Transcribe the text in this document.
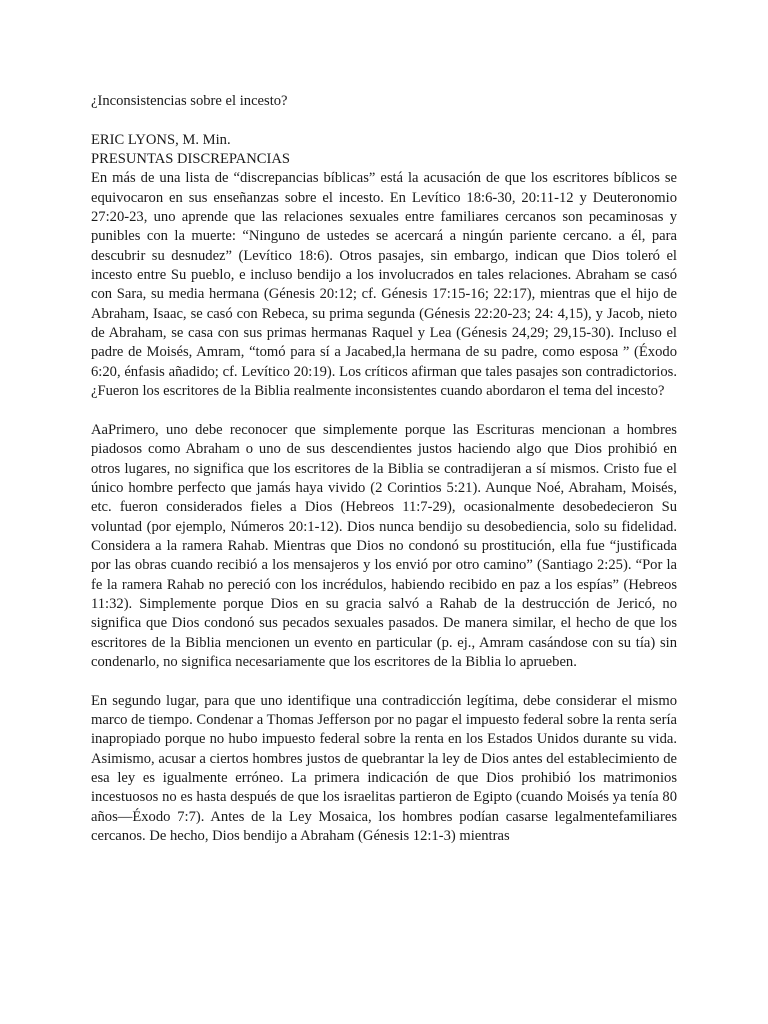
¿Inconsistencias sobre el incesto?

ERIC LYONS, M. Min.

PRESUNTAS DISCREPANCIAS

En más de una lista de “discrepancias bíblicas” está la acusación de que los escritores bíblicos se equivocaron en sus enseñanzas sobre el incesto. En Levítico 18:6-30, 20:11-12 y Deuteronomio 27:20-23, uno aprende que las relaciones sexuales entre familiares cercanos son pecaminosas y punibles con la muerte: “Ninguno de ustedes se acercará a ningún pariente cercano. a él, para descubrir su desnudez” (Levítico 18:6). Otros pasajes, sin embargo, indican que Dios toleró el incesto entre Su pueblo, e incluso bendijo a los involucrados en tales relaciones. Abraham se casó con Sara, su media hermana (Génesis 20:12; cf. Génesis 17:15-16; 22:17), mientras que el hijo de Abraham, Isaac, se casó con Rebeca, su prima segunda (Génesis 22:20-23; 24: 4,15), y Jacob, nieto de Abraham, se casa con sus primas hermanas Raquel y Lea (Génesis 24,29; 29,15-30). Incluso el padre de Moisés, Amram, “tomó para sí a Jacabed,la hermana de su padre, como esposa ” (Éxodo 6:20, énfasis añadido; cf. Levítico 20:19). Los críticos afirman que tales pasajes son contradictorios. ¿Fueron los escritores de la Biblia realmente inconsistentes cuando abordaron el tema del incesto?

AaPrimero, uno debe reconocer que simplemente porque las Escrituras mencionan a hombres piadosos como Abraham o uno de sus descendientes justos haciendo algo que Dios prohibió en otros lugares, no significa que los escritores de la Biblia se contradijeran a sí mismos. Cristo fue el único hombre perfecto que jamás haya vivido (2 Corintios 5:21). Aunque Noé, Abraham, Moisés, etc. fueron considerados fieles a Dios (Hebreos 11:7-29), ocasionalmente desobedecieron Su voluntad (por ejemplo, Números 20:1-12). Dios nunca bendijo su desobediencia, solo su fidelidad. Considera a la ramera Rahab. Mientras que Dios no condonó su prostitución, ella fue “justificada por las obras cuando recibió a los mensajeros y los envió por otro camino” (Santiago 2:25). “Por la fe la ramera Rahab no pereció con los incrédulos, habiendo recibido en paz a los espías” (Hebreos 11:32). Simplemente porque Dios en su gracia salvó a Rahab de la destrucción de Jericó, no significa que Dios condonó sus pecados sexuales pasados. De manera similar, el hecho de que los escritores de la Biblia mencionen un evento en particular (p. ej., Amram casándose con su tía) sin condenarlo, no significa necesariamente que los escritores de la Biblia lo aprueben.

En segundo lugar, para que uno identifique una contradicción legítima, debe considerar el mismo marco de tiempo. Condenar a Thomas Jefferson por no pagar el impuesto federal sobre la renta sería inapropiado porque no hubo impuesto federal sobre la renta en los Estados Unidos durante su vida. Asimismo, acusar a ciertos hombres justos de quebrantar la ley de Dios antes del establecimiento de esa ley es igualmente erróneo. La primera indicación de que Dios prohibió los matrimonios incestuosos no es hasta después de que los israelitas partieron de Egipto (cuando Moisés ya tenía 80 años—Éxodo 7:7). Antes de la Ley Mosaica, los hombres podían casarse legalmentefamiliares cercanos. De hecho, Dios bendijo a Abraham (Génesis 12:1-3) mientras
